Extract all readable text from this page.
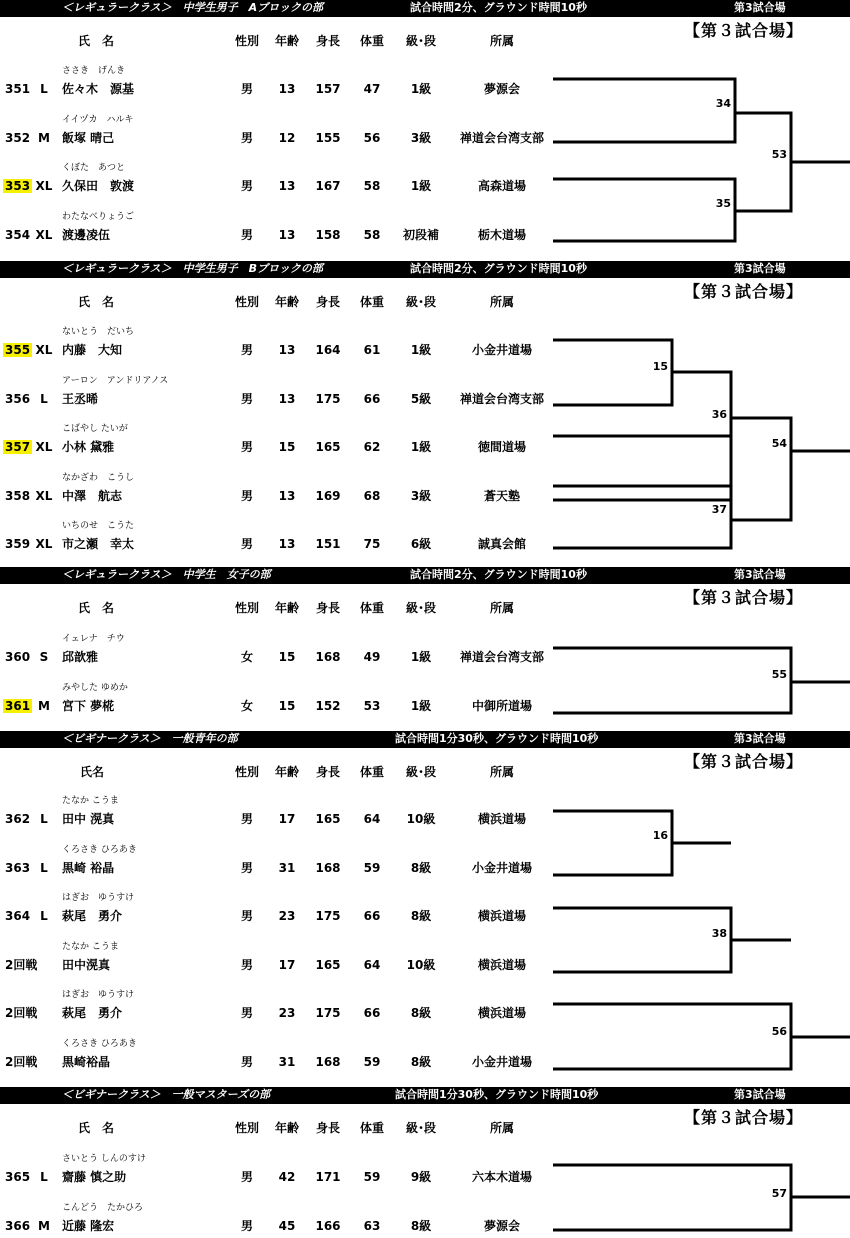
＜レギュラークラス＞　中学生男子　Aブロックの部	試合時間2分、グラウンド時間10秒	第3試合場
【第３試合場】
氏　名	性別 年齢 身長 体重 級･段	所属
ささき　げんき
351 L 佐々木　源基	男 13 157 47	1級	夢源会
イイヅカ　ハルキ
352 M 飯塚 晴己	男 12 155 56	3級 禅道会台湾支部
くぼた　あつと
353 XL 久保田　敦渡	男 13 167 58	1級	高森道場
わたなべりょうご
354 XL 渡邊凌伍	男 13 158 58 初段補	栃木道場
＜レギュラークラス＞　中学生男子　Bブロックの部	試合時間2分、グラウンド時間10秒	第3試合場
【第３試合場】
氏　名	性別 年齢 身長 体重 級･段	所属
ないとう　だいち
355 XL 内藤　大知	男 13 164 61	1級	小金井道場
アーロン　アンドリアノス
356 L 王丞晞	男 13 175 66	5級 禅道会台湾支部
こばやし たいが
357 XL 小林 黛雅	男 15 165 62	1級	徳間道場
なかざわ　こうし
358 XL 中澤　航志	男 13 169 68	3級	蒼天塾
いちのせ　こうた
359 XL 市之瀬　幸太	男 13 151 75	6級	誠真会館
＜レギュラークラス＞　中学生　女子の部	試合時間2分、グラウンド時間10秒	第3試合場
【第３試合場】
氏　名	性別 年齢 身長 体重 級･段	所属
イェレナ　チウ
360 S 邱歆雅	女 15 168 49	1級 禅道会台湾支部
みやした ゆめか
361 M 宮下 夢椛	女 15 152 53	1級	中御所道場
＜ビギナークラス＞　一般青年の部	試合時間1分30秒、グラウンド時間10秒	第3試合場
【第３試合場】
氏名	性別 年齢 身長 体重 級･段	所属
たなか こうま
362 L 田中 滉真	男 17 165 64 10級	横浜道場
くろさき ひろあき
363 L 黒崎 裕晶	男 31 168 59	8級	小金井道場
はぎお　ゆうすけ
364 L 萩尾　勇介	男 23 175 66	8級	横浜道場
たなか こうま
2回戦 田中滉真	男 17 165 64 10級	横浜道場
はぎお　ゆうすけ
2回戦 萩尾　勇介	男 23 175 66	8級	横浜道場
くろさき ひろあき
2回戦 黒崎裕晶	男 31 168 59	8級	小金井道場
＜ビギナークラス＞　一般マスターズの部	試合時間1分30秒、グラウンド時間10秒	第3試合場
【第３試合場】
氏　名	性別 年齢 身長 体重 級･段	所属
さいとう しんのすけ
365 L 齋藤 慎之助	男 42 171 59	9級	六本木道場
こんどう　たかひろ
366 M 近藤 隆宏	男 45 166 63	8級	夢源会
34
35
53
15
36
37
54
55
16
38
56
57
